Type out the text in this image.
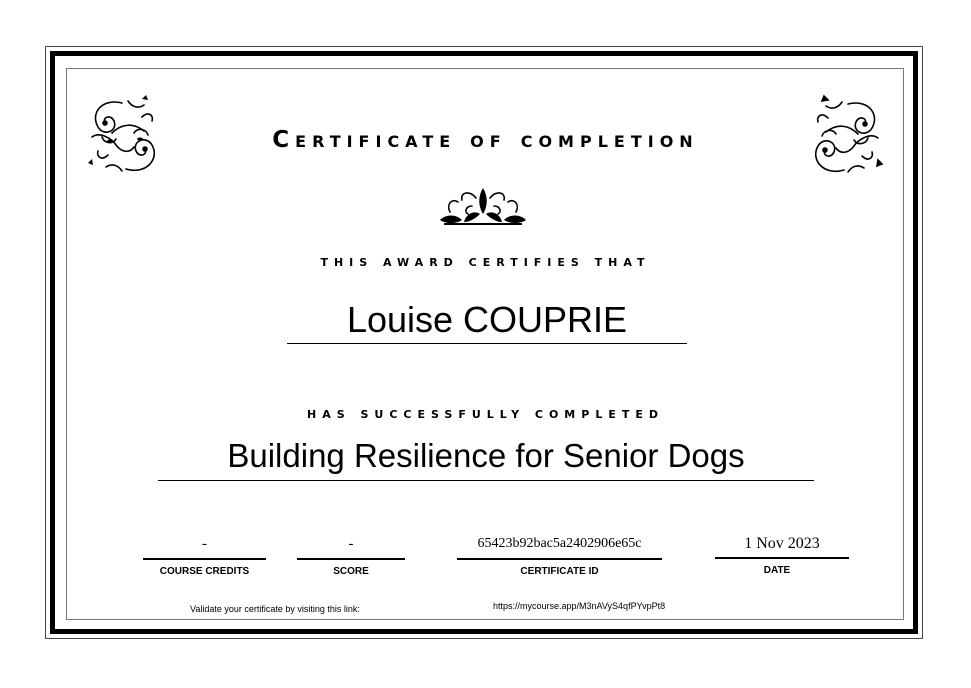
Certificate of completion
THIS AWARD CERTIFIES THAT
Louise COUPRIE
HAS SUCCESSFULLY COMPLETED
Building Resilience for Senior Dogs
-
COURSE CREDITS
-
SCORE
65423b92bac5a2402906e65c
CERTIFICATE ID
1 Nov 2023
DATE
Validate your certificate by visiting this link:	https://mycourse.app/M3nAVyS4qfPYvpPt8
